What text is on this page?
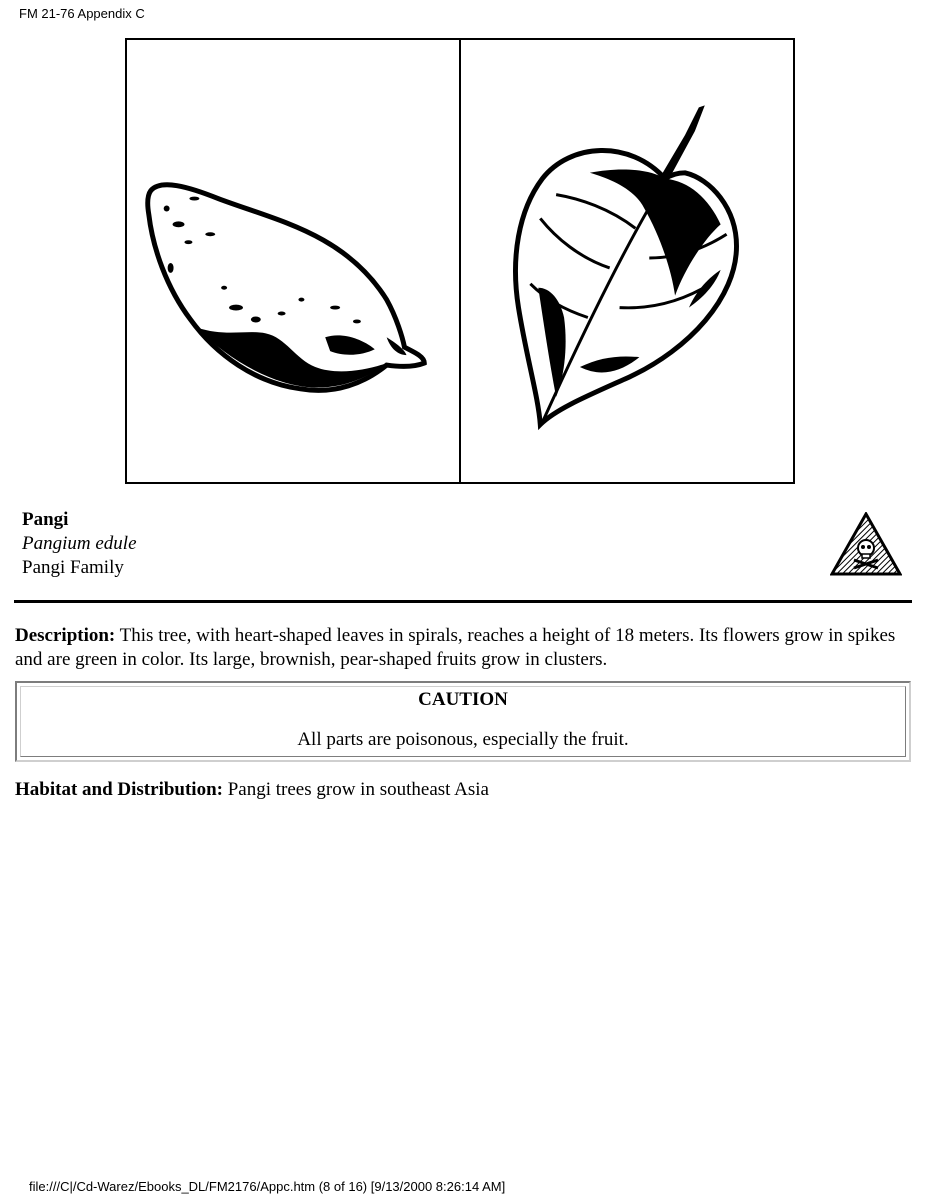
FM 21-76 Appendix C
Pangi
Pangium edule
Pangi Family
Description: This tree, with heart-shaped leaves in spirals, reaches a height of 18 meters. Its flowers grow in spikes and are green in color. Its large, brownish, pear-shaped fruits grow in clusters.
CAUTION
All parts are poisonous, especially the fruit.
Habitat and Distribution: Pangi trees grow in southeast Asia
file:///C|/Cd-Warez/Ebooks_DL/FM2176/Appc.htm (8 of 16) [9/13/2000 8:26:14 AM]
